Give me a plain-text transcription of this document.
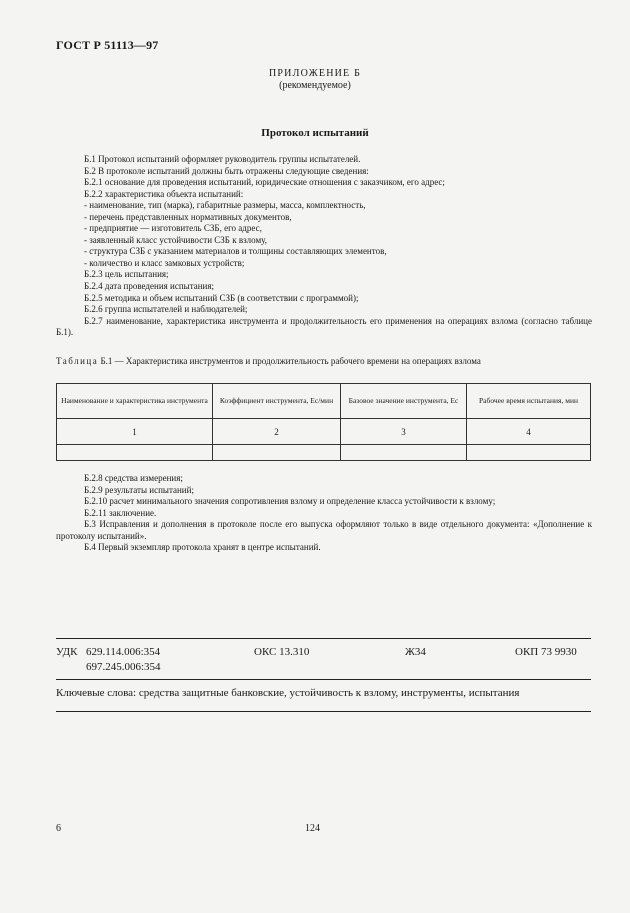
ГОСТ Р 51113—97
ПРИЛОЖЕНИЕ Б
(рекомендуемое)
Протокол испытаний

Б.1 Протокол испытаний оформляет руководитель группы испытателей.

Б.2 В протоколе испытаний должны быть отражены следующие сведения:

Б.2.1 основание для проведения испытаний, юридические отношения с заказчиком, его адрес;

Б.2.2 характеристика объекта испытаний:

- наименование, тип (марка), габаритные размеры, масса, комплектность,

- перечень представленных нормативных документов,

- предприятие — изготовитель СЗБ, его адрес,

- заявленный класс устойчивости СЗБ к взлому,

- структура СЗБ с указанием материалов и толщины составляющих элементов,

- количество и класс замковых устройств;

Б.2.3 цель испытания;

Б.2.4 дата проведения испытания;

Б.2.5 методика и объем испытаний СЗБ (в соответствии с программой);

Б.2.6 группа испытателей и наблюдателей;

Б.2.7 наименование, характеристика инструмента и продолжительность его применения на операциях взлома (согласно таблице Б.1).

Таблица Б.1 — Характеристика инструментов и продолжительность рабочего времени на операциях взлома
Наименование и характеристика инструмента	Коэффициент инструмента, Eс/мин	Базовое значение инструмента, Eс	Рабочее время испытания, мин
1	2	3	4

Б.2.8 средства измерения;

Б.2.9 результаты испытаний;

Б.2.10 расчет минимального значения сопротивления взлому и определение класса устойчивости к взлому;

Б.2.11 заключение.

Б.3 Исправления и дополнения в протоколе после его выпуска оформляют только в виде отдельного документа: «Дополнение к протоколу испытаний».

Б.4 Первый экземпляр протокола хранят в центре испытаний.

УДК 629.114.006:354
697.245.006:354
ОКС 13.310	Ж34	ОКП 73 9930
Ключевые слова: средства защитные банковские, устойчивость к взлому, инструменты, испытания
6	124
